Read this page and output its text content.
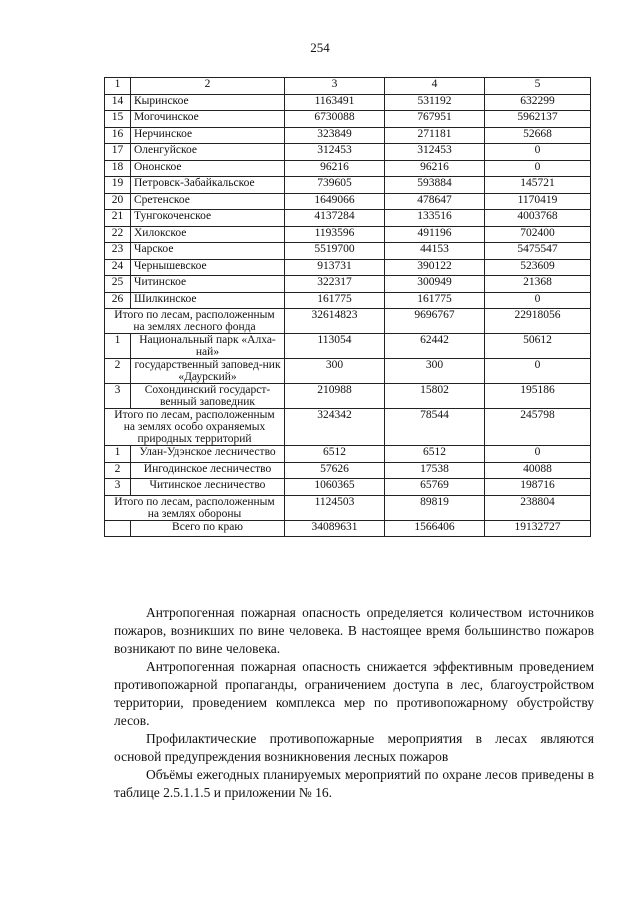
254
1	2	3	4	5
14	Кыринское	1163491	531192	632299
15	Могочинское	6730088	767951	5962137
16	Нерчинское	323849	271181	52668
17	Оленгуйское	312453	312453	0
18	Ононское	96216	96216	0
19	Петровск-Забайкальское	739605	593884	145721
20	Сретенское	1649066	478647	1170419
21	Тунгокоченское	4137284	133516	4003768
22	Хилокское	1193596	491196	702400
23	Чарское	5519700	44153	5475547
24	Чернышевское	913731	390122	523609
25	Читинское	322317	300949	21368
26	Шилкинское	161775	161775	0
Итого по лесам, расположенным на землях лесного фонда		32614823	9696767	22918056
1	Национальный парк «Алха-най»	113054	62442	50612
2	государственный заповед-ник «Даурский»	300	300	0
3	Сохондинский государст-венный заповедник	210988	15802	195186
Итого по лесам, расположенным на землях особо охраняемых природных территорий		324342	78544	245798
1	Улан-Удэнское лесничество	6512	6512	0
2	Ингодинское лесничество	57626	17538	40088
3	Читинское лесничество	1060365	65769	198716
Итого по лесам, расположенным на землях обороны		1124503	89819	238804
	Всего по краю	34089631	1566406	19132727

Антропогенная пожарная опасность определяется количеством источников пожаров, возникших по вине человека. В настоящее время большинство пожаров возникают по вине человека.

Антропогенная пожарная опасность снижается эффективным проведением противопожарной пропаганды, ограничением доступа в лес, благоустройством территории, проведением комплекса мер по противопожарному обустройству лесов.

Профилактические противопожарные мероприятия в лесах являются основой предупреждения возникновения лесных пожаров

Объёмы ежегодных планируемых мероприятий по охране лесов приведены в таблице 2.5.1.1.5 и приложении № 16.
